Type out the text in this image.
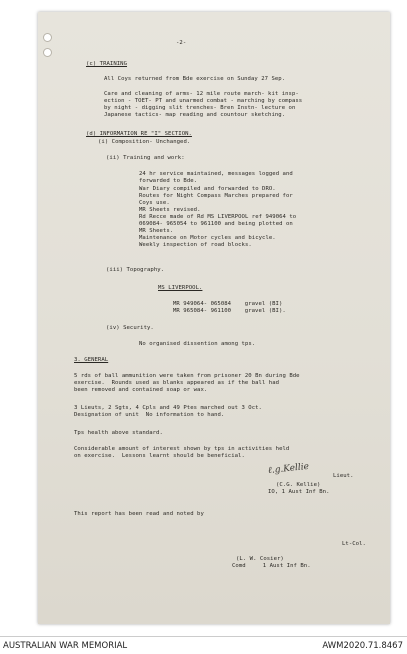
-2-
(c) TRAINING
All Coys returned from Bde exercise on Sunday 27 Sep.
Care and cleaning of arms- 12 mile route march- kit insp-
ection - TOET- PT and unarmed combat - marching by compass
by night - digging slit trenches- Bren Instn- lecture on
Japanese tactics- map reading and countour sketching.
(d) INFORMATION RE "I" SECTION.
(i) Composition- Unchanged.
(ii) Training and work:
24 hr service maintained, messages logged and
forwarded to Bde.
War Diary compiled and forwarded to DRO.
Routes for Night Compass Marches prepared for
Coys use.
MR Sheets revised.
Rd Recce made of Rd MS LIVERPOOL ref 949064 to
069084- 965054 to 961100 and being plotted on
MR Sheets.
Maintenance on Motor cycles and bicycle.
Weekly inspection of road blocks.
(iii) Topography.
MS LIVERPOOL.
MR 949064- 065084    gravel (BI)
MR 965084- 961100    gravel (BI).
(iv) Security.
No organised dissention among tps.
3. GENERAL
5 rds of ball ammunition were taken from prisoner 20 Bn during Bde
exercise.  Rounds used as blanks appeared as if the ball had
been removed and contained soap or wax.
3 Lieuts, 2 Sgts, 4 Cpls and 49 Ptes marched out 3 Oct.
Designation of unit  No information to hand.
Tps health above standard.
Considerable amount of interest shown by tps in activities held
on exercise.  Lessons learnt should be beneficial.
ℓ.g.Kellie	Lieut.
(C.G. Kellie)
IO, 1 Aust Inf Bn.
This report has been read and noted by
Lt-Col.
(L. W. Cosier)
Comd     1 Aust Inf Bn.
AUSTRALIAN WAR MEMORIAL	AWM2020.71.8467
